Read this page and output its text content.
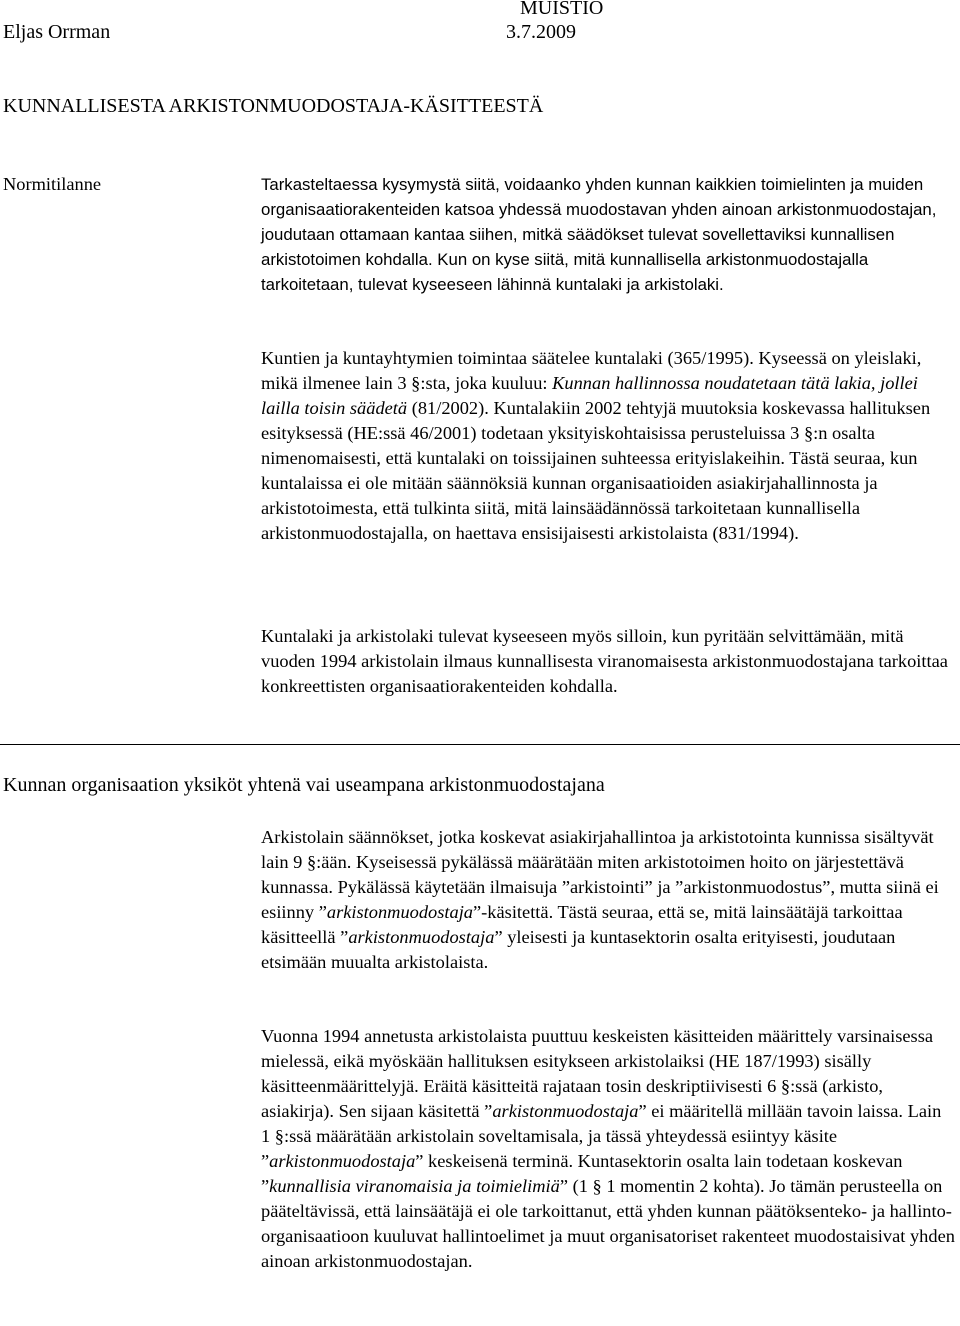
MUISTIO
Eljas Orrman	3.7.2009
KUNNALLISESTA ARKISTONMUODOSTAJA-KÄSITTEESTÄ
Normitilanne	Tarkasteltaessa kysymystä siitä, voidaanko yhden kunnan kaikkien toimielinten ja muiden organisaatiorakenteiden katsoa yhdessä muodostavan yhden ainoan arkistonmuodostajan, joudutaan ottamaan kantaa siihen, mitkä säädökset tulevat sovellettaviksi kunnallisen arkistotoimen kohdalla. Kun on kyse siitä, mitä kunnallisella arkistonmuodostajalla tarkoitetaan, tulevat kyseeseen lähinnä kuntalaki ja arkistolaki.

Kuntien ja kuntayhtymien toimintaa säätelee kuntalaki (365/1995). Kyseessä on yleislaki, mikä ilmenee lain 3 §:sta, joka kuuluu: Kunnan hallinnossa noudatetaan tätä lakia, jollei lailla toisin säädetä (81/2002). Kuntalakiin 2002 tehtyjä muutoksia koskevassa hallituksen esityksessä (HE:ssä 46/2001) todetaan yksityiskohtaisissa perusteluissa 3 §:n osalta nimenomaisesti, että kuntalaki on toissijainen suhteessa erityislakeihin. Tästä seuraa, kun kuntalaissa ei ole mitään säännöksiä kunnan organisaatioiden asiakirjahallinnosta ja arkistotoimesta, että tulkinta siitä, mitä lainsäädännössä tarkoitetaan kunnallisella arkistonmuodostajalla, on haettava ensisijaisesti arkistolaista (831/1994).

Kuntalaki ja arkistolaki tulevat kyseeseen myös silloin, kun pyritään selvittämään, mitä vuoden 1994 arkistolain ilmaus kunnallisesta viranomaisesta arkistonmuodostajana tarkoittaa konkreettisten organisaatiorakenteiden kohdalla.

Kunnan organisaation yksiköt yhtenä vai useampana arkistonmuodostajana

Arkistolain säännökset, jotka koskevat asiakirjahallintoa ja arkistotointa kunnissa sisältyvät lain 9 §:ään. Kyseisessä pykälässä määrätään miten arkistotoimen hoito on järjestettävä kunnassa. Pykälässä käytetään ilmaisuja ”arkistointi” ja ”arkistonmuodostus”, mutta siinä ei esiinny ”arkistonmuodostaja”-käsitettä. Tästä seuraa, että se, mitä lainsäätäjä tarkoittaa käsitteellä ”arkistonmuodostaja” yleisesti ja kuntasektorin osalta erityisesti, joudutaan etsimään muualta arkistolaista.

Vuonna 1994 annetusta arkistolaista puuttuu keskeisten käsitteiden määrittely varsinaisessa mielessä, eikä myöskään hallituksen esitykseen arkistolaiksi (HE 187/1993) sisälly käsitteenmäärittelyjä. Eräitä käsitteitä rajataan tosin deskriptiivisesti 6 §:ssä (arkisto, asiakirja). Sen sijaan käsitettä ”arkistonmuodostaja” ei määritellä millään tavoin laissa. Lain 1 §:ssä määrätään arkistolain soveltamisala, ja tässä yhteydessä esiintyy käsite ”arkistonmuodostaja” keskeisenä terminä. Kuntasektorin osalta lain todetaan koskevan ”kunnallisia viranomaisia ja toimielimiä” (1 § 1 momentin 2 kohta). Jo tämän perusteella on pääteltävissä, että lainsäätäjä ei ole tarkoittanut, että yhden kunnan päätöksenteko- ja hallinto-organisaatioon kuuluvat hallintoelimet ja muut organisatoriset rakenteet muodostaisivat yhden ainoan arkistonmuodostajan.
